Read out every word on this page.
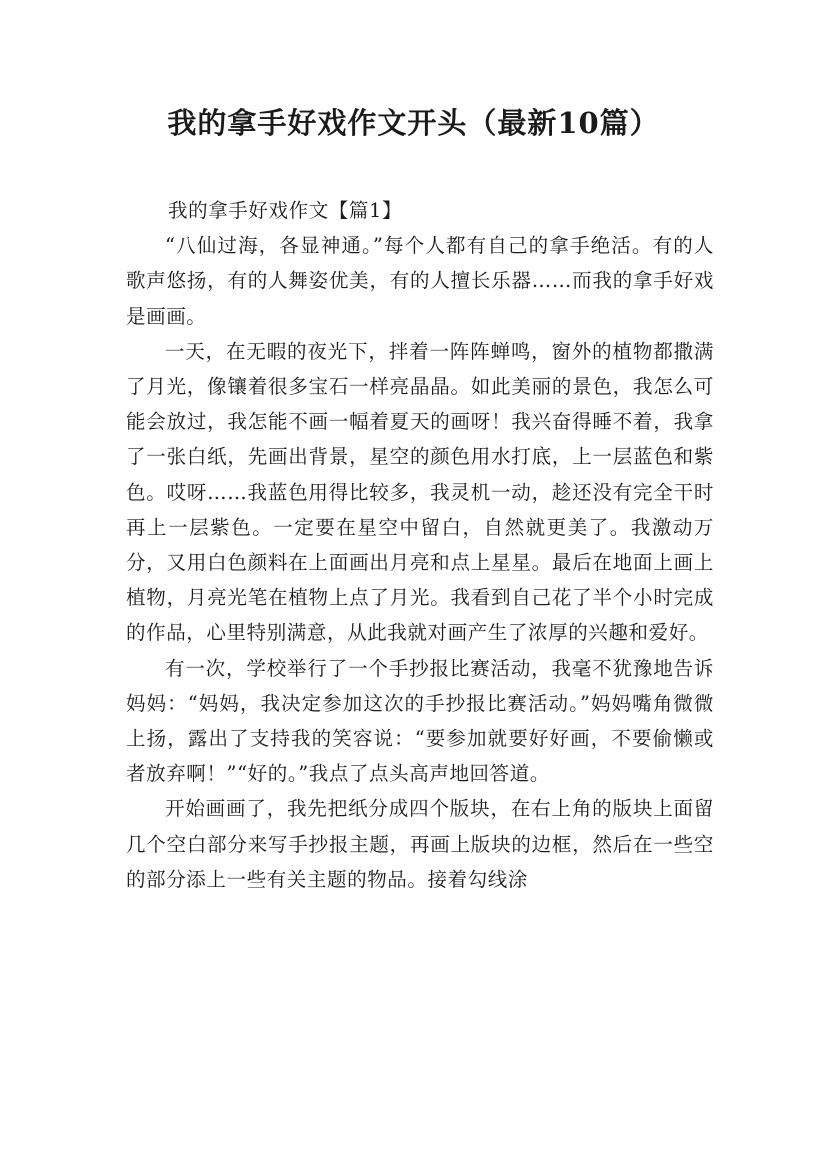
我的拿手好戏作文开头（最新10篇）
我的拿手好戏作文【篇1】

“八仙过海，各显神通。”每个人都有自己的拿手绝活。有的人歌声悠扬，有的人舞姿优美，有的人擅长乐器……而我的拿手好戏是画画。

一天，在无暇的夜光下，拌着一阵阵蝉鸣，窗外的植物都撒满了月光，像镶着很多宝石一样亮晶晶。如此美丽的景色，我怎么可能会放过，我怎能不画一幅着夏天的画呀！我兴奋得睡不着，我拿了一张白纸，先画出背景，星空的颜色用水打底，上一层蓝色和紫色。哎呀……我蓝色用得比较多，我灵机一动，趁还没有完全干时再上一层紫色。一定要在星空中留白，自然就更美了。我激动万分，又用白色颜料在上面画出月亮和点上星星。最后在地面上画上植物，月亮光笔在植物上点了月光。我看到自己花了半个小时完成的作品，心里特别满意，从此我就对画产生了浓厚的兴趣和爱好。

有一次，学校举行了一个手抄报比赛活动，我毫不犹豫地告诉妈妈：“妈妈，我决定参加这次的手抄报比赛活动。”妈妈嘴角微微上扬，露出了支持我的笑容说：“要参加就要好好画，不要偷懒或者放弃啊！”“好的。”我点了点头高声地回答道。

开始画画了，我先把纸分成四个版块，在右上角的版块上面留几个空白部分来写手抄报主题，再画上版块的边框，然后在一些空的部分添上一些有关主题的物品。接着勾线涂
